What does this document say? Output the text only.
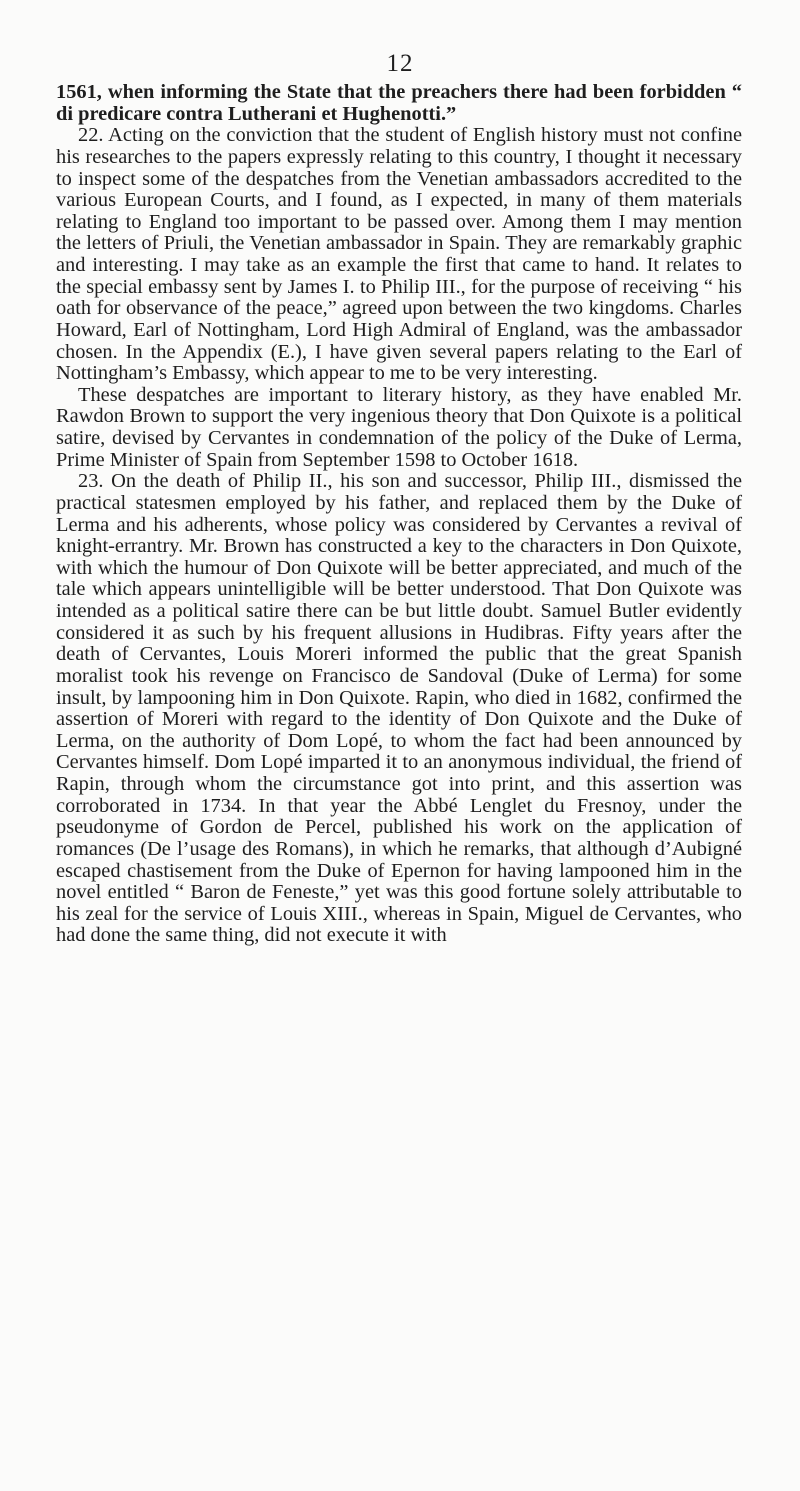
12

1561, when informing the State that the preachers there had been forbidden “ di predicare contra Lutherani et Hughenotti.”

22. Acting on the conviction that the student of English history must not confine his researches to the papers expressly relating to this country, I thought it necessary to inspect some of the despatches from the Venetian ambassadors accredited to the various European Courts, and I found, as I expected, in many of them materials relating to England too important to be passed over. Among them I may mention the letters of Priuli, the Venetian ambassador in Spain. They are remarkably graphic and interesting. I may take as an example the first that came to hand. It relates to the special embassy sent by James I. to Philip III., for the purpose of receiving “ his oath for observance of the peace,” agreed upon between the two kingdoms. Charles Howard, Earl of Nottingham, Lord High Admiral of England, was the ambassador chosen. In the Appendix (E.), I have given several papers relating to the Earl of Nottingham’s Embassy, which appear to me to be very interesting.

These despatches are important to literary history, as they have enabled Mr. Rawdon Brown to support the very ingenious theory that Don Quixote is a political satire, devised by Cervantes in condemnation of the policy of the Duke of Lerma, Prime Minister of Spain from September 1598 to October 1618.

23. On the death of Philip II., his son and successor, Philip III., dismissed the practical statesmen employed by his father, and replaced them by the Duke of Lerma and his adherents, whose policy was considered by Cervantes a revival of knight-errantry. Mr. Brown has constructed a key to the characters in Don Quixote, with which the humour of Don Quixote will be better appreciated, and much of the tale which appears unintelligible will be better understood. That Don Quixote was intended as a political satire there can be but little doubt. Samuel Butler evidently considered it as such by his frequent allusions in Hudibras. Fifty years after the death of Cervantes, Louis Moreri informed the public that the great Spanish moralist took his revenge on Francisco de Sandoval (Duke of Lerma) for some insult, by lampooning him in Don Quixote. Rapin, who died in 1682, confirmed the assertion of Moreri with regard to the identity of Don Quixote and the Duke of Lerma, on the authority of Dom Lopé, to whom the fact had been announced by Cervantes himself. Dom Lopé imparted it to an anonymous individual, the friend of Rapin, through whom the circumstance got into print, and this assertion was corroborated in 1734. In that year the Abbé Lenglet du Fresnoy, under the pseudonyme of Gordon de Percel, published his work on the application of romances (De l’usage des Romans), in which he remarks, that although d’Aubigné escaped chastisement from the Duke of Epernon for having lampooned him in the novel entitled “ Baron de Feneste,” yet was this good fortune solely attributable to his zeal for the service of Louis XIII., whereas in Spain, Miguel de Cervantes, who had done the same thing, did not execute it with
